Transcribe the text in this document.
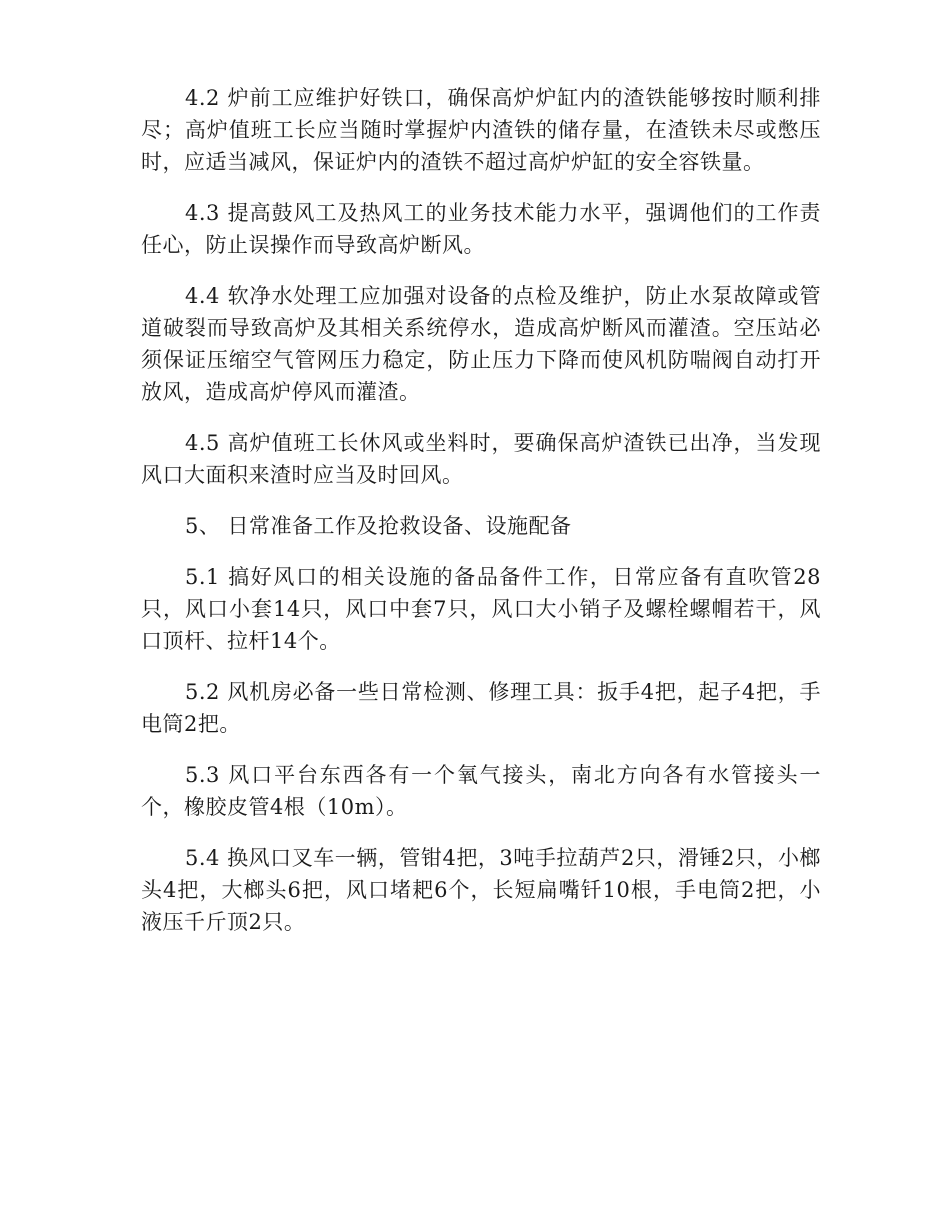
4.2 炉前工应维护好铁口，确保高炉炉缸内的渣铁能够按时顺利排尽；高炉值班工长应当随时掌握炉内渣铁的储存量，在渣铁未尽或憋压时，应适当减风，保证炉内的渣铁不超过高炉炉缸的安全容铁量。

4.3 提高鼓风工及热风工的业务技术能力水平，强调他们的工作责任心，防止误操作而导致高炉断风。

4.4 软净水处理工应加强对设备的点检及维护，防止水泵故障或管道破裂而导致高炉及其相关系统停水，造成高炉断风而灌渣。空压站必须保证压缩空气管网压力稳定，防止压力下降而使风机防喘阀自动打开放风，造成高炉停风而灌渣。

4.5 高炉值班工长休风或坐料时，要确保高炉渣铁已出净，当发现风口大面积来渣时应当及时回风。

5、 日常准备工作及抢救设备、设施配备

5.1 搞好风口的相关设施的备品备件工作，日常应备有直吹管28只，风口小套14只，风口中套7只，风口大小销子及螺栓螺帽若干，风口顶杆、拉杆14个。

5.2 风机房必备一些日常检测、修理工具：扳手4把，起子4把，手电筒2把。

5.3 风口平台东西各有一个氧气接头，南北方向各有水管接头一个，橡胶皮管4根（10m）。

5.4 换风口叉车一辆，管钳4把，3吨手拉葫芦2只，滑锤2只，小榔头4把，大榔头6把，风口堵耙6个，长短扁嘴钎10根，手电筒2把，小液压千斤顶2只。
